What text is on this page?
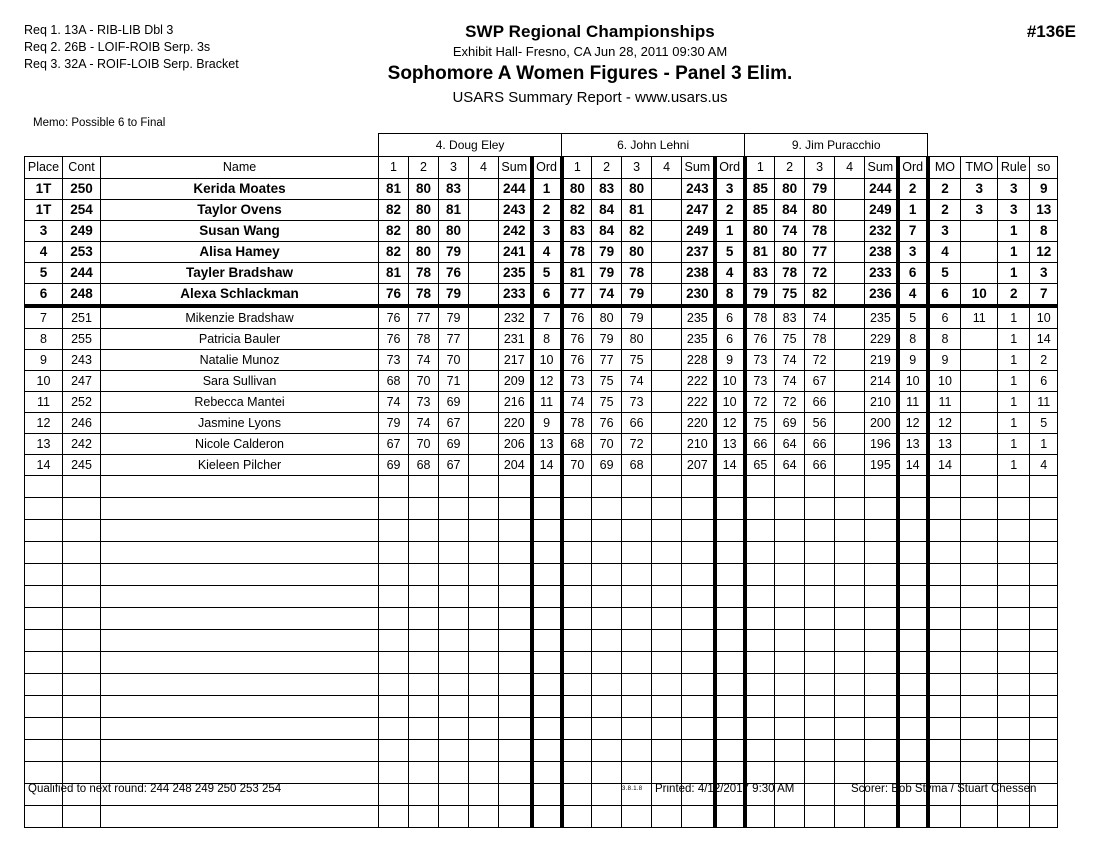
Req 1. 13A - RIB-LIB Dbl 3
Req 2. 26B - LOIF-ROIB Serp. 3s
Req 3. 32A - ROIF-LOIB Serp. Bracket
SWP Regional Championships
Exhibit Hall- Fresno, CA Jun 28, 2011 09:30 AM
Sophomore A Women Figures - Panel 3 Elim.
USARS Summary Report - www.usars.us
#136E
Memo: Possible 6 to Final
			4. Doug Eley						6. John Lehni						9. Jim Puracchio									
Place	Cont	Name	1	2	3	4	Sum	Ord	1	2	3	4	Sum	Ord	1	2	3	4	Sum	Ord	MO	TMO	Rule	so
1T	250	Kerida Moates	81	80	83		244	1	80	83	80		243	3	85	80	79		244	2	2	3	3	9
1T	254	Taylor Ovens	82	80	81		243	2	82	84	81		247	2	85	84	80		249	1	2	3	3	13
3	249	Susan Wang	82	80	80		242	3	83	84	82		249	1	80	74	78		232	7	3		1	8
4	253	Alisa Hamey	82	80	79		241	4	78	79	80		237	5	81	80	77		238	3	4		1	12
5	244	Tayler Bradshaw	81	78	76		235	5	81	79	78		238	4	83	78	72		233	6	5		1	3
6	248	Alexa Schlackman	76	78	79		233	6	77	74	79		230	8	79	75	82		236	4	6	10	2	7
7	251	Mikenzie Bradshaw	76	77	79		232	7	76	80	79		235	6	78	83	74		235	5	6	11	1	10
8	255	Patricia Bauler	76	78	77		231	8	76	79	80		235	6	76	75	78		229	8	8		1	14
9	243	Natalie Munoz	73	74	70		217	10	76	77	75		228	9	73	74	72		219	9	9		1	2
10	247	Sara Sullivan	68	70	71		209	12	73	75	74		222	10	73	74	67		214	10	10		1	6
11	252	Rebecca Mantei	74	73	69		216	11	74	75	73		222	10	72	72	66		210	11	11		1	11
12	246	Jasmine Lyons	79	74	67		220	9	78	76	66		220	12	75	69	56		200	12	12		1	5
13	242	Nicole Calderon	67	70	69		206	13	68	70	72		210	13	66	64	66		196	13	13		1	1
14	245	Kieleen Pilcher	69	68	67		204	14	70	69	68		207	14	65	64	66		195	14	14		1	4

Qualified to next round: 244 248 249 250 253 254	3.8.1.8 Printed: 4/12/2017 9:30 AM	Scorer: Bob Styma / Stuart Chessen
